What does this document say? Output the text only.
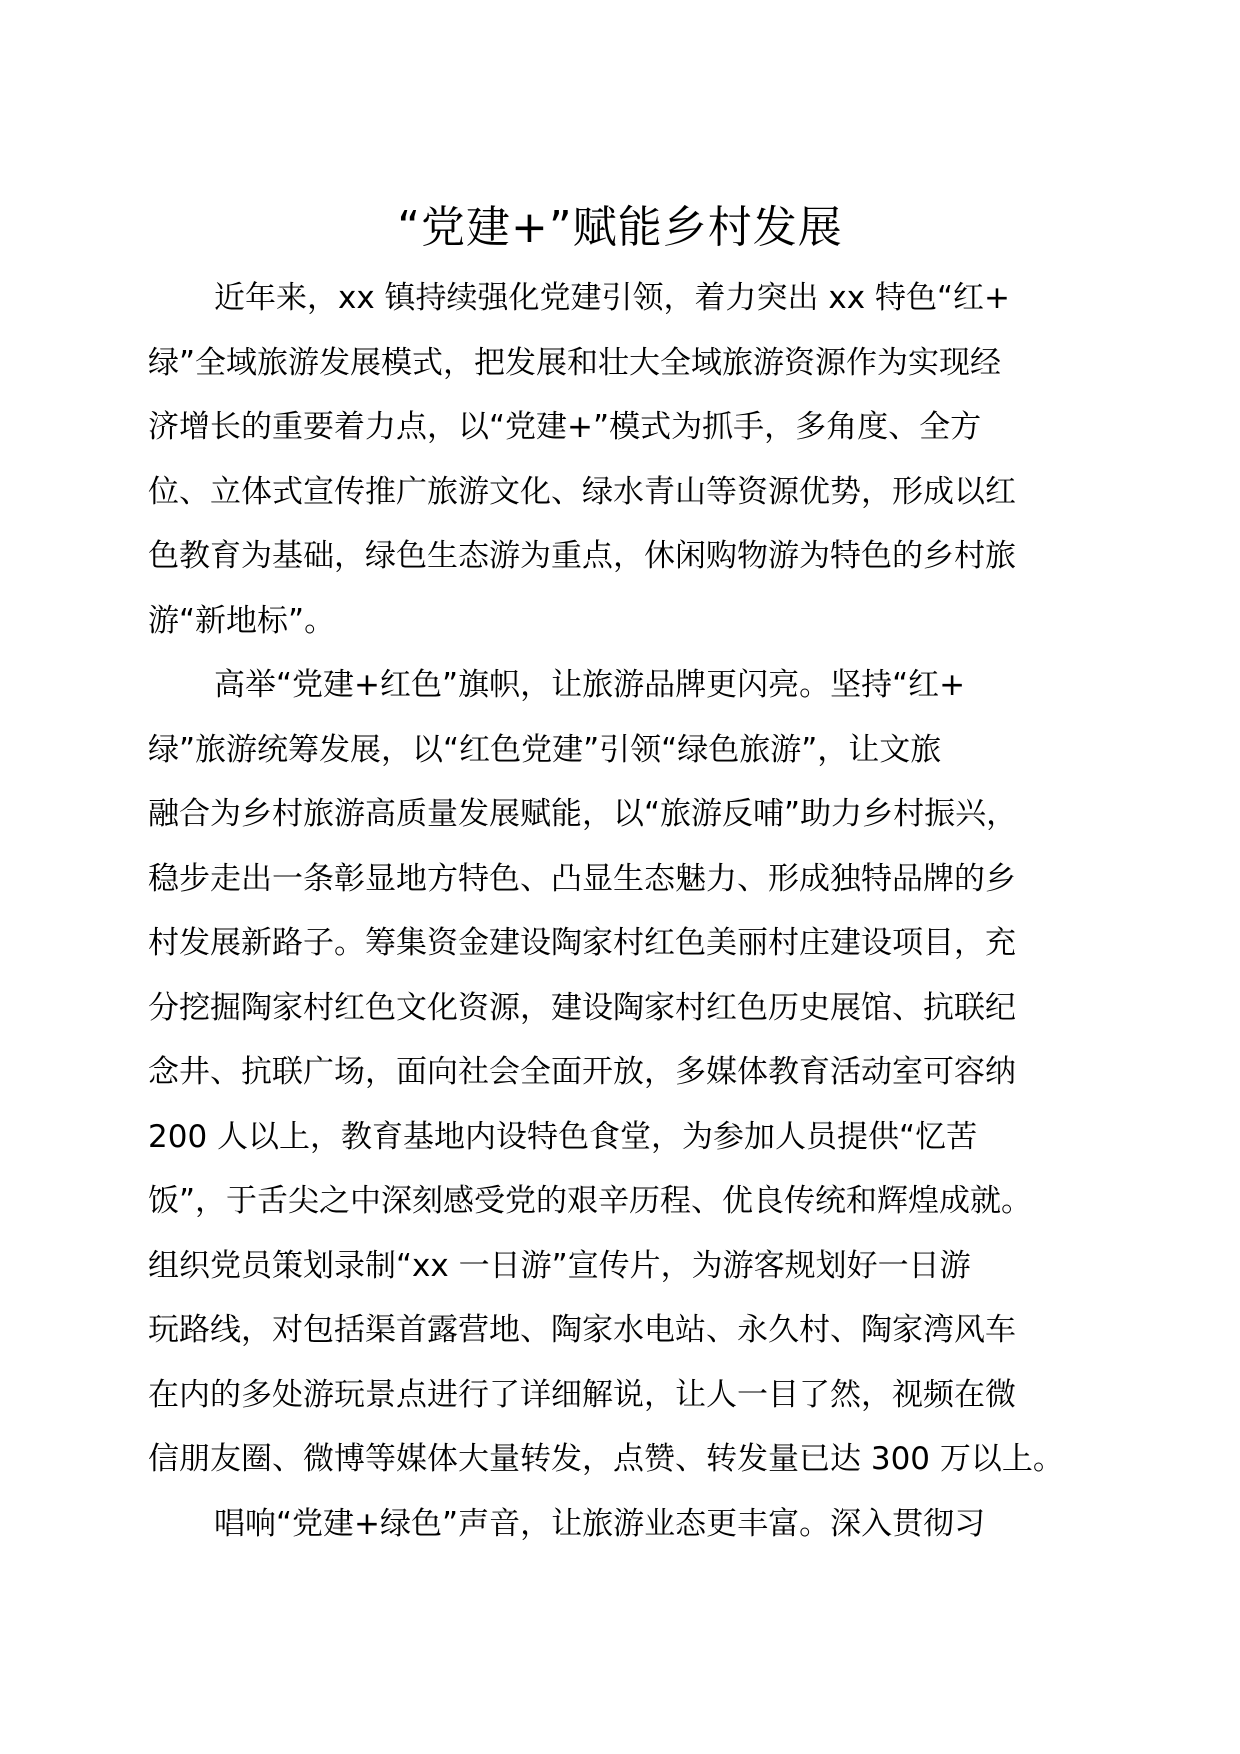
“党建+”赋能乡村发展

近年来，xx 镇持续强化党建引领，着力突出 xx 特色“红+
绿”全域旅游发展模式，把发展和壮大全域旅游资源作为实现经
济增长的重要着力点，以“党建+”模式为抓手，多角度、全方
位、立体式宣传推广旅游文化、绿水青山等资源优势，形成以红
色教育为基础，绿色生态游为重点，休闲购物游为特色的乡村旅
游“新地标”。

高举“党建+红色”旗帜，让旅游品牌更闪亮。坚持“红+
绿”旅游统筹发展，以“红色党建”引领“绿色旅游”，让文旅
融合为乡村旅游高质量发展赋能，以“旅游反哺”助力乡村振兴，
稳步走出一条彰显地方特色、凸显生态魅力、形成独特品牌的乡
村发展新路子。筹集资金建设陶家村红色美丽村庄建设项目，充
分挖掘陶家村红色文化资源，建设陶家村红色历史展馆、抗联纪
念井、抗联广场，面向社会全面开放，多媒体教育活动室可容纳
200 人以上，教育基地内设特色食堂，为参加人员提供“忆苦
饭”，于舌尖之中深刻感受党的艰辛历程、优良传统和辉煌成就。
组织党员策划录制“xx 一日游”宣传片，为游客规划好一日游
玩路线，对包括渠首露营地、陶家水电站、永久村、陶家湾风车
在内的多处游玩景点进行了详细解说，让人一目了然，视频在微
信朋友圈、微博等媒体大量转发，点赞、转发量已达 300 万以上。

唱响“党建+绿色”声音，让旅游业态更丰富。深入贯彻习
